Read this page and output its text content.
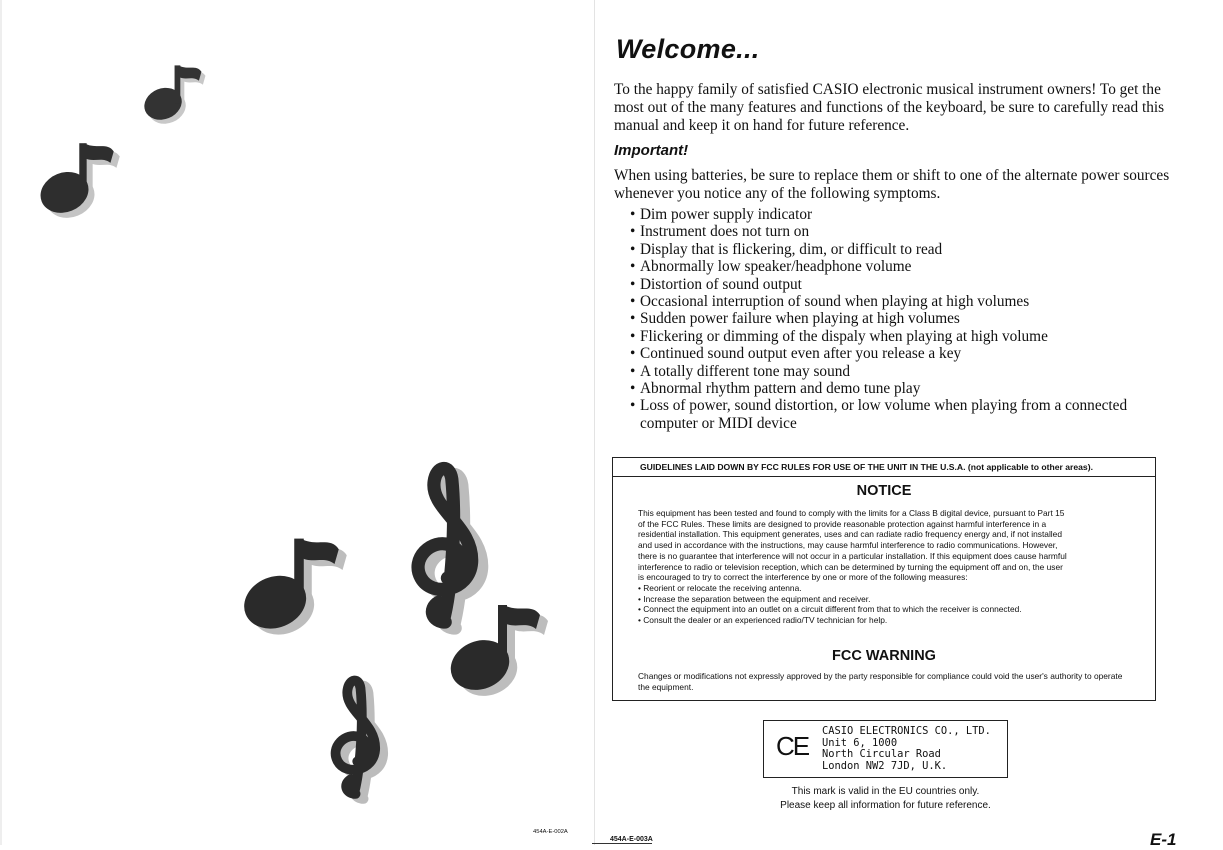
Welcome...

To the happy family of satisfied CASIO electronic musical instrument owners! To get the most out of the many features and functions of the keyboard, be sure to carefully read this manual and keep it on hand for future reference.

Important!

When using batteries, be sure to replace them or shift to one of the alternate power sources whenever you notice any of the following symptoms.

• Dim power supply indicator
• Instrument does not turn on
• Display that is flickering, dim, or difficult to read
• Abnormally low speaker/headphone volume
• Distortion of sound output
• Occasional interruption of sound when playing at high volumes
• Sudden power failure when playing at high volumes
• Flickering or dimming of the dispaly when playing at high volume
• Continued sound output even after you release a key
• A totally different tone may sound
• Abnormal rhythm pattern and demo tune play
• Loss of power, sound distortion, or low volume when playing from a connected computer or MIDI device

GUIDELINES LAID DOWN BY FCC RULES FOR USE OF THE UNIT IN THE U.S.A. (not applicable to other areas).

NOTICE

This equipment has been tested and found to comply with the limits for a Class B digital device, pursuant to Part 15
of the FCC Rules. These limits are designed to provide reasonable protection against harmful interference in a
residential installation. This equipment generates, uses and can radiate radio frequency energy and, if not installed
and used in accordance with the instructions, may cause harmful interference to radio communications. However,
there is no guarantee that interference will not occur in a particular installation. If this equipment does cause harmful
interference to radio or television reception, which can be determined by turning the equipment off and on, the user
is encouraged to try to correct the interference by one or more of the following measures:
• Reorient or relocate the receiving antenna.
• Increase the separation between the equipment and receiver.
• Connect the equipment into an outlet on a circuit different from that to which the receiver is connected.
• Consult the dealer or an experienced radio/TV technician for help.

FCC WARNING

Changes or modifications not expressly approved by the party responsible for compliance could void the user's authority to operate the equipment.

CE CASIO ELECTRONICS CO., LTD.
Unit 6, 1000
North Circular Road
London NW2 7JD, U.K.
This mark is valid in the EU countries only.
Please keep all information for future reference.

454A-E-002A

454A-E-003A	E-1
